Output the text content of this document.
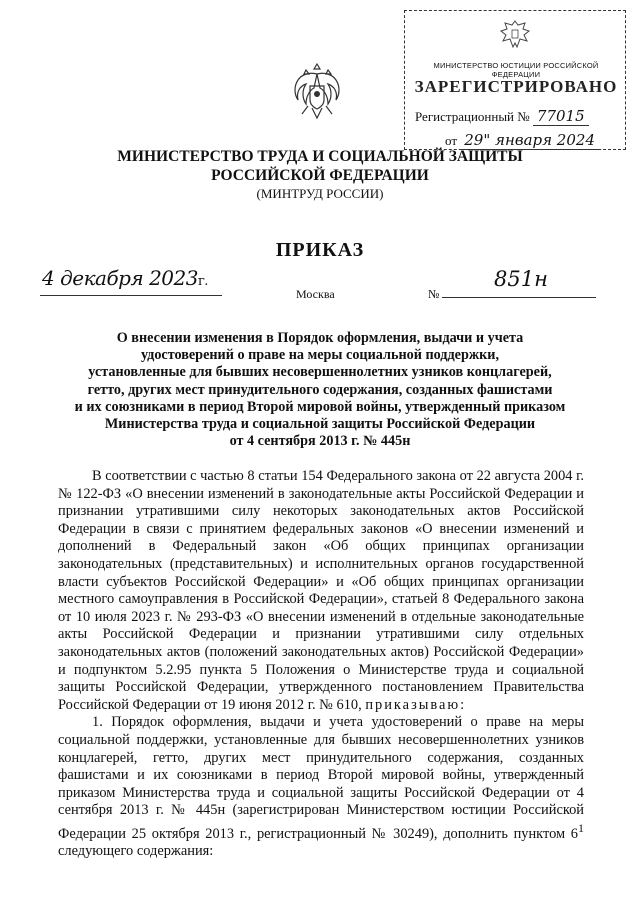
МИНИСТЕРСТВО ЮСТИЦИИ РОССИЙСКОЙ ФЕДЕРАЦИИ
ЗАРЕГИСТРИРОВАНО
Регистрационный № 77015
от 29" января 2024
МИНИСТЕРСТВО ТРУДА И СОЦИАЛЬНОЙ ЗАЩИТЫ
РОССИЙСКОЙ ФЕДЕРАЦИИ
(МИНТРУД РОССИИ)
ПРИКАЗ
4 декабря 2023г.
Москва	№
851н
О внесении изменения в Порядок оформления, выдачи и учета
удостоверений о праве на меры социальной поддержки,
установленные для бывших несовершеннолетних узников концлагерей,
гетто, других мест принудительного содержания, созданных фашистами
и их союзниками в период Второй мировой войны, утвержденный приказом
Министерства труда и социальной защиты Российской Федерации
от 4 сентября 2013 г. № 445н

В соответствии с частью 8 статьи 154 Федерального закона от 22 августа 2004 г. № 122-ФЗ «О внесении изменений в законодательные акты Российской Федерации и признании утратившими силу некоторых законодательных актов Российской Федерации в связи с принятием федеральных законов «О внесении изменений и дополнений в Федеральный закон «Об общих принципах организации законодательных (представительных) и исполнительных органов государственной власти субъектов Российской Федерации» и «Об общих принципах организации местного самоуправления в Российской Федерации», статьей 8 Федерального закона от 10 июля 2023 г. № 293-ФЗ «О внесении изменений в отдельные законодательные акты Российской Федерации и признании утратившими силу отдельных законодательных актов (положений законодательных актов) Российской Федерации» и подпунктом 5.2.95 пункта 5 Положения о Министерстве труда и социальной защиты Российской Федерации, утвержденного постановлением Правительства Российской Федерации от 19 июня 2012 г. № 610, приказываю:

1. Порядок оформления, выдачи и учета удостоверений о праве на меры социальной поддержки, установленные для бывших несовершеннолетних узников концлагерей, гетто, других мест принудительного содержания, созданных фашистами и их союзниками в период Второй мировой войны, утвержденный приказом Министерства труда и социальной защиты Российской Федерации от 4 сентября 2013 г. № 445н (зарегистрирован Министерством юстиции Российской Федерации 25 октября 2013 г., регистрационный № 30249), дополнить пунктом $6^1$ следующего содержания:
